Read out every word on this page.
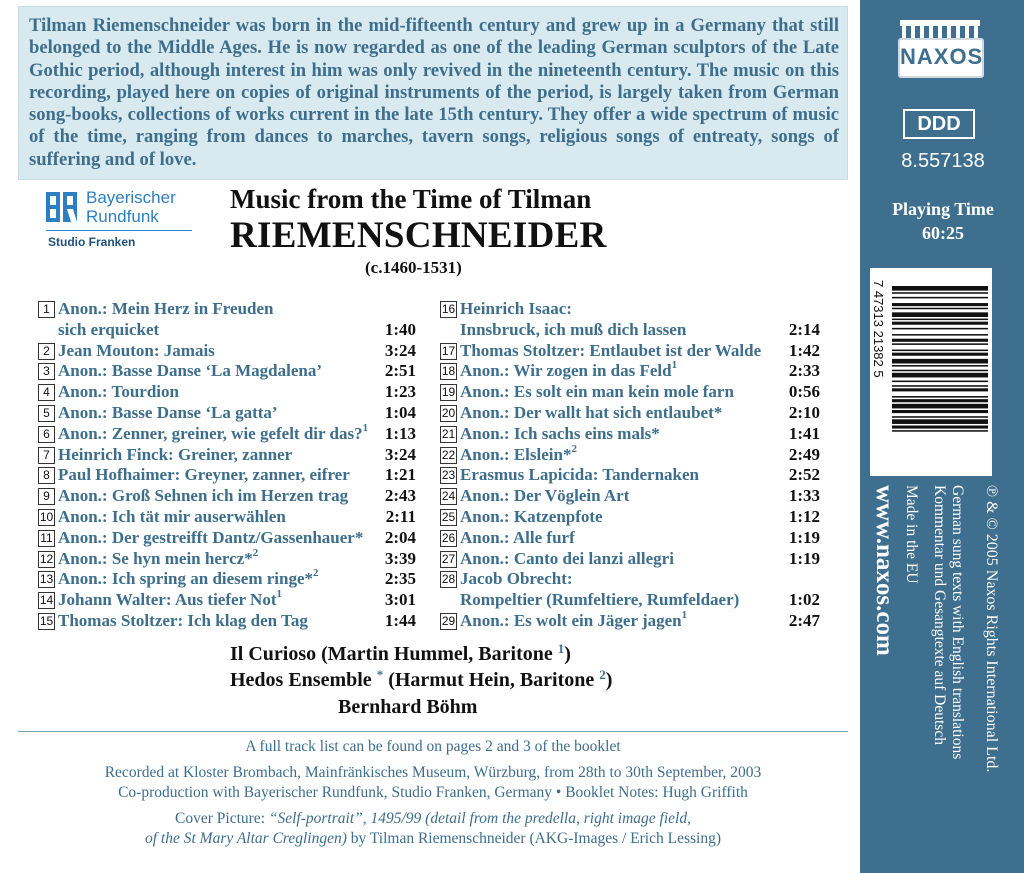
Tilman Riemenschneider was born in the mid-fifteenth century and grew up in a Germany that still belonged to the Middle Ages. He is now regarded as one of the leading German sculptors of the Late Gothic period, although interest in him was only revived in the nineteenth century. The music on this recording, played here on copies of original instruments of the period, is largely taken from German song-books, collections of works current in the late 15th century. They offer a wide spectrum of music of the time, ranging from dances to marches, tavern songs, religious songs of entreaty, songs of suffering and of love.

NAXOS
DDD
8.557138
Playing Time
60:25
7 47313 21382 5
www.naxos.com Made in the EU Kommentar und Gesangtexte auf Deutsch German sung texts with English translations ℗ & © 2005 Naxos Rights International Ltd.
Bayerischer
Rundfunk
Studio Franken
Music from the Time of Tilman
RIEMENSCHNEIDER
(c.1460-1531)
1 Anon.: Mein Herz in Freuden
sich erquicket	1:40
2 Jean Mouton: Jamais	3:24
3 Anon.: Basse Danse ‘La Magdalena’	2:51
4 Anon.: Tourdion	1:23
5 Anon.: Basse Danse ‘La gatta’	1:04
6 Anon.: Zenner, greiner, wie gefelt dir das?$^1$ 1:13
7 Heinrich Finck: Greiner, zanner	3:24
8 Paul Hofhaimer: Greyner, zanner, eifrer 1:21
9 Anon.: Groß Sehnen ich im Herzen trag 2:43
10 Anon.: Ich tät mir auserwählen	2:11
11 Anon.: Der gestreifft Dantz/Gassenhauer* 2:04
12 Anon.: Se hyn mein hercz*$^2$	3:39
13 Anon.: Ich spring an diesem ringe*$^2$	2:35
14 Johann Walter: Aus tiefer Not$^1$	3:01
15 Thomas Stoltzer: Ich klag den Tag	1:44
16 Heinrich Isaac:
Innsbruck, ich muß dich lassen	2:14
17 Thomas Stoltzer: Entlaubet ist der Walde 1:42
18 Anon.: Wir zogen in das Feld$^1$	2:33
19 Anon.: Es solt ein man kein mole farn	0:56
20 Anon.: Der wallt hat sich entlaubet*	2:10
21 Anon.: Ich sachs eins mals*	1:41
22 Anon.: Elslein*$^2$	2:49
23 Erasmus Lapicida: Tandernaken	2:52
24 Anon.: Der Vöglein Art	1:33
25 Anon.: Katzenpfote	1:12
26 Anon.: Alle furf	1:19
27 Anon.: Canto dei lanzi allegri	1:19
28 Jacob Obrecht:
Rompeltier (Rumfeltiere, Rumfeldaer)	1:02
29 Anon.: Es wolt ein Jäger jagen$^1$	2:47
Il Curioso (Martin Hummel, Baritone $^1$)
Hedos Ensemble * (Harmut Hein, Baritone $^2$)
Bernhard Böhm
A full track list can be found on pages 2 and 3 of the booklet
Recorded at Kloster Brombach, Mainfränkisches Museum, Würzburg, from 28th to 30th September, 2003
Co-production with Bayerischer Rundfunk, Studio Franken, Germany • Booklet Notes: Hugh Griffith
Cover Picture: “Self-portrait”, 1495/99 (detail from the predella, right image field,
of the St Mary Altar Creglingen) by Tilman Riemenschneider (AKG-Images / Erich Lessing)
